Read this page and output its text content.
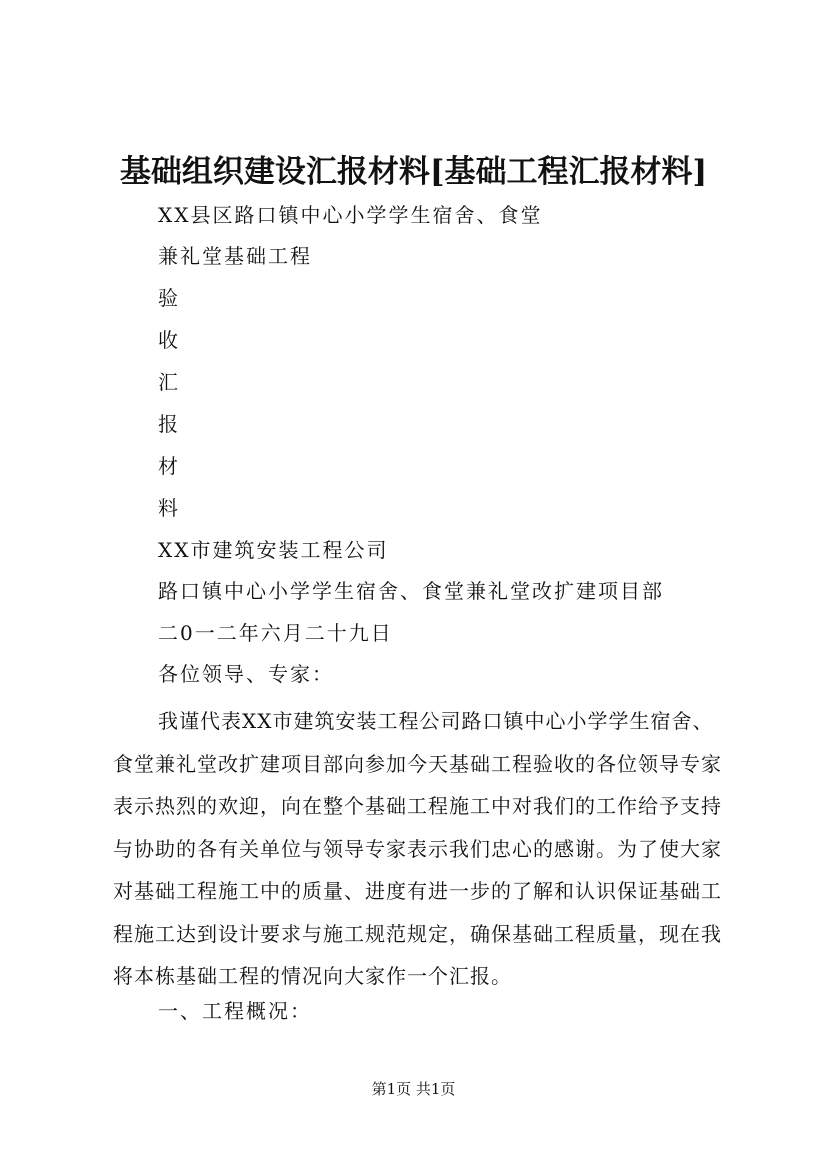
基础组织建设汇报材料[基础工程汇报材料]
XX县区路口镇中心小学学生宿舍、食堂
兼礼堂基础工程
验
收
汇
报
材
料
XX市建筑安装工程公司
路口镇中心小学学生宿舍、食堂兼礼堂改扩建项目部
二0一二年六月二十九日
各位领导、专家：
我谨代表XX市建筑安装工程公司路口镇中心小学学生宿舍、食堂兼礼堂改扩建项目部向参加今天基础工程验收的各位领导专家表示热烈的欢迎，向在整个基础工程施工中对我们的工作给予支持与协助的各有关单位与领导专家表示我们忠心的感谢。为了使大家对基础工程施工中的质量、进度有进一步的了解和认识保证基础工程施工达到设计要求与施工规范规定，确保基础工程质量，现在我将本栋基础工程的情况向大家作一个汇报。
一、工程概况：
第1页 共1页
